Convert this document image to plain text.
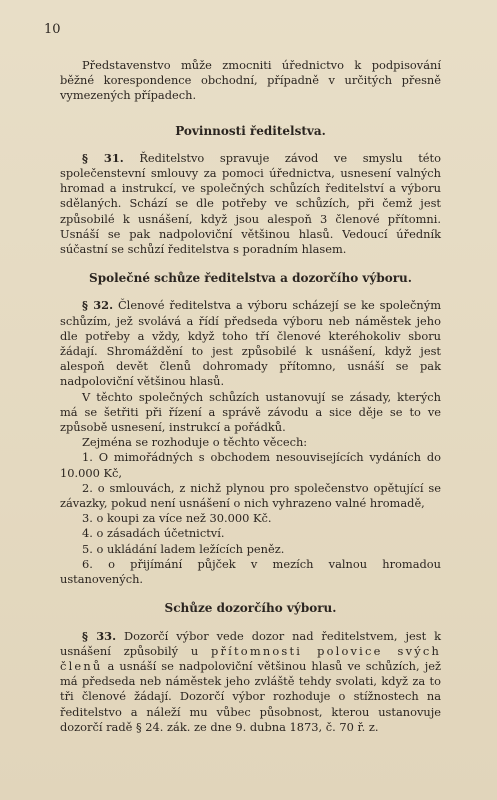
10

Představenstvo může zmocniti úřednictvo k podpisování běžné korespondence obchodní, případně v určitých přesně vymezených případech.

Povinnosti ředitelstva.

§ 31. Ředitelstvo spravuje závod ve smyslu této společenstevní smlouvy za pomoci úřednictva, usnesení valných hromad a instrukcí, ve společných schůzích ředitelství a výboru sdělaných. Schází se dle potřeby ve schůzích, při čemž jest způsobilé k usnášení, když jsou alespoň 3 členové přítomni. Usnáší se pak nadpoloviční většinou hlasů. Vedoucí úředník súčastní se schůzí ředitelstva s poradním hlasem.

Společné schůze ředitelstva a dozorčího výboru.

§ 32. Členové ředitelstva a výboru scházejí se ke společným schůzím, jež svolává a řídí předseda výboru neb náměstek jeho dle potřeby a vždy, když toho tří členové kteréhokoliv sboru žádají. Shromáždění to jest způsobilé k usnášení, když jest alespoň devět členů dohromady přítomno, usnáší se pak nadpoloviční většinou hlasů.

V těchto společných schůzích ustanovují se zásady, kterých má se šetřiti při řízení a správě závodu a sice děje se to ve způsobě usnesení, instrukcí a pořádků.

Zejména se rozhoduje o těchto věcech:

1. O mimořádných s obchodem nesouvisejících vydáních do 10.000 Kč,

2. o smlouvách, z nichž plynou pro společenstvo opětující se závazky, pokud není usnášení o nich vyhrazeno valné hromadě,

3. o koupi za více než 30.000 Kč.

4. o zásadách účetnictví.

5. o ukládání ladem ležících peněz.

6. o přijímání půjček v mezích valnou hromadou ustanovených.

Schůze dozorčího výboru.

§ 33. Dozorčí výbor vede dozor nad ředitelstvem, jest k usnášení způsobilý u přítomnosti polovice svých členů a usnáší se nadpoloviční většinou hlasů ve schůzích, jež má předseda neb náměstek jeho zvláště tehdy svolati, když za to tři členové žádají. Dozorčí výbor rozhoduje o stížnostech na ředitelstvo a náleží mu vůbec působnost, kterou ustanovuje dozorčí radě § 24. zák. ze dne 9. dubna 1873, č. 70 ř. z.
